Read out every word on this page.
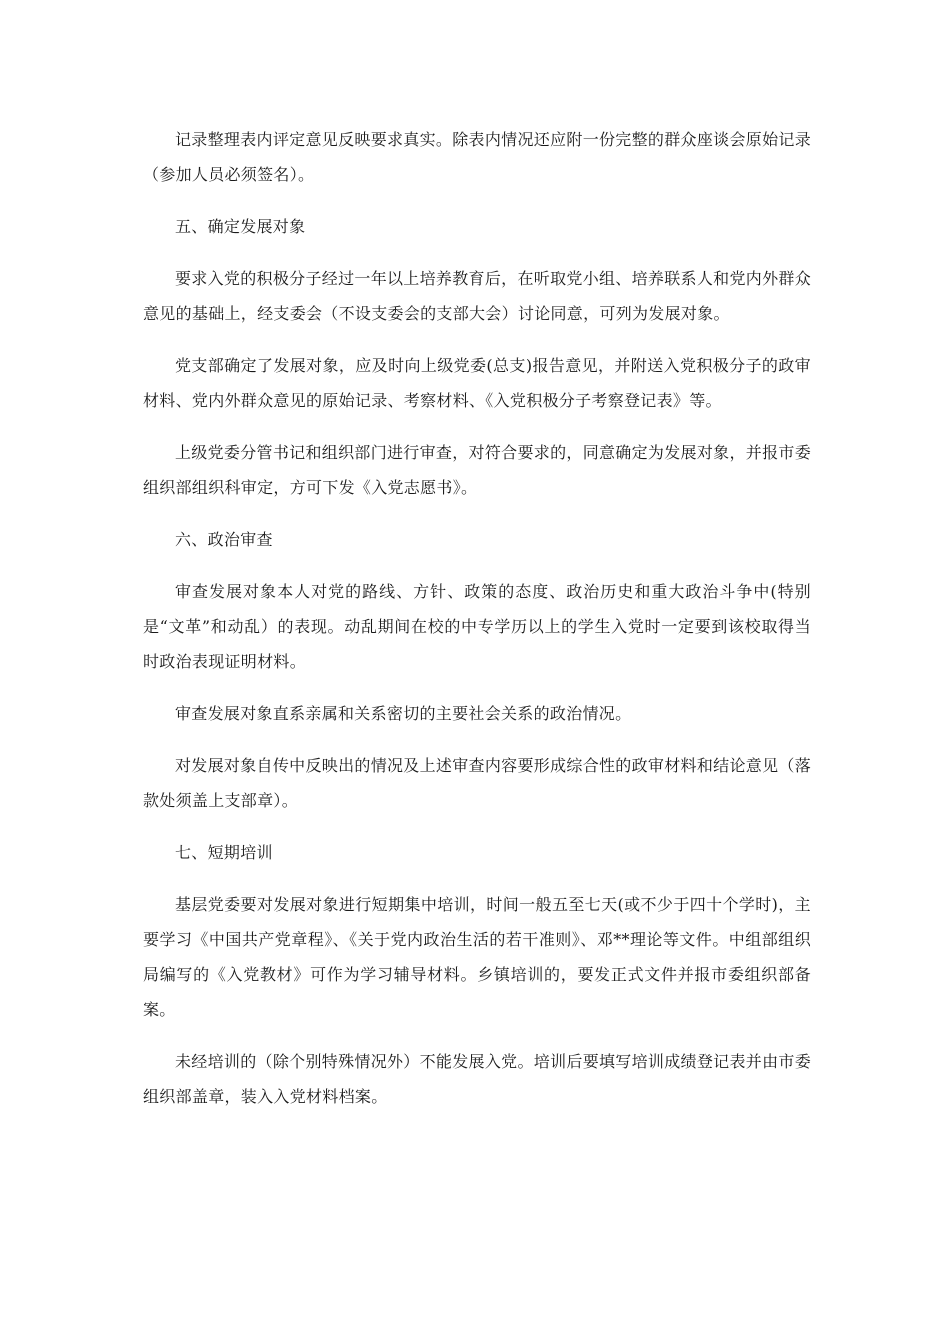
记录整理表内评定意见反映要求真实。除表内情况还应附一份完整的群众座谈会原始记录（参加人员必须签名）。

五、确定发展对象

要求入党的积极分子经过一年以上培养教育后，在听取党小组、培养联系人和党内外群众意见的基础上，经支委会（不设支委会的支部大会）讨论同意，可列为发展对象。

党支部确定了发展对象，应及时向上级党委(总支)报告意见，并附送入党积极分子的政审材料、党内外群众意见的原始记录、考察材料、《入党积极分子考察登记表》等。

上级党委分管书记和组织部门进行审查，对符合要求的，同意确定为发展对象，并报市委组织部组织科审定，方可下发《入党志愿书》。

六、政治审查

审查发展对象本人对党的路线、方针、政策的态度、政治历史和重大政治斗争中(特别是“文革”和动乱）的表现。动乱期间在校的中专学历以上的学生入党时一定要到该校取得当时政治表现证明材料。

审查发展对象直系亲属和关系密切的主要社会关系的政治情况。

对发展对象自传中反映出的情况及上述审查内容要形成综合性的政审材料和结论意见（落款处须盖上支部章）。

七、短期培训

基层党委要对发展对象进行短期集中培训，时间一般五至七天(或不少于四十个学时)，主要学习《中国共产党章程》、《关于党内政治生活的若干准则》、邓**理论等文件。中组部组织局编写的《入党教材》可作为学习辅导材料。乡镇培训的，要发正式文件并报市委组织部备案。

未经培训的（除个别特殊情况外）不能发展入党。培训后要填写培训成绩登记表并由市委组织部盖章，装入入党材料档案。
